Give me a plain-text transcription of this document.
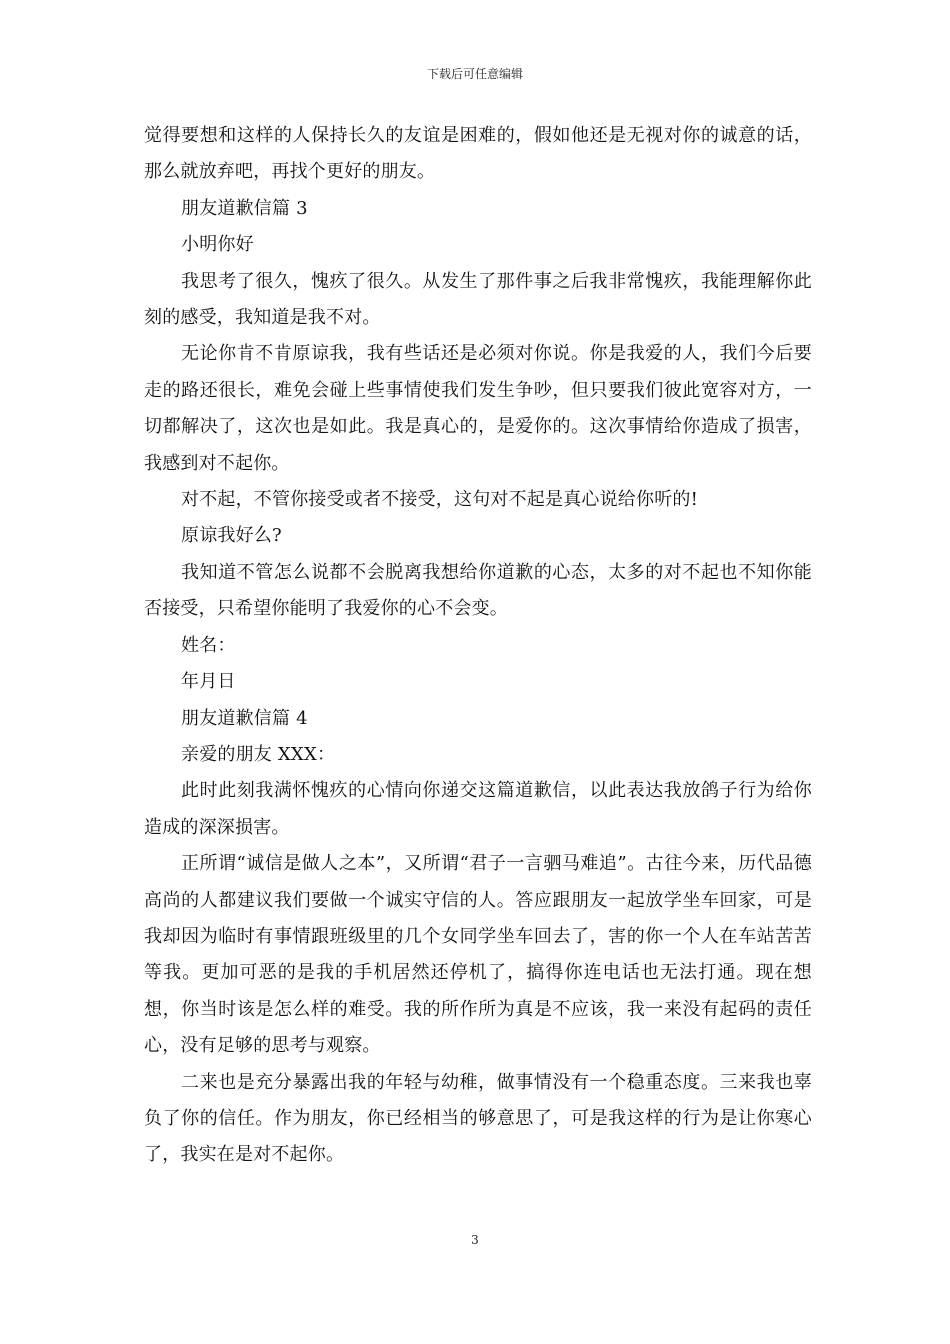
下载后可任意编辑

觉得要想和这样的人保持长久的友谊是困难的，假如他还是无视对你的诚意的话，那么就放弃吧，再找个更好的朋友。

朋友道歉信篇 3

小明你好

我思考了很久，愧疚了很久。从发生了那件事之后我非常愧疚，我能理解你此刻的感受，我知道是我不对。

无论你肯不肯原谅我，我有些话还是必须对你说。你是我爱的人，我们今后要走的路还很长，难免会碰上些事情使我们发生争吵，但只要我们彼此宽容对方，一切都解决了，这次也是如此。我是真心的，是爱你的。这次事情给你造成了损害，我感到对不起你。

对不起，不管你接受或者不接受，这句对不起是真心说给你听的!

原谅我好么?

我知道不管怎么说都不会脱离我想给你道歉的心态，太多的对不起也不知你能否接受，只希望你能明了我爱你的心不会变。

姓名：

年月日

朋友道歉信篇 4

亲爱的朋友 XXX：

此时此刻我满怀愧疚的心情向你递交这篇道歉信，以此表达我放鸽子行为给你造成的深深损害。

正所谓“诚信是做人之本”，又所谓“君子一言驷马难追”。古往今来，历代品德高尚的人都建议我们要做一个诚实守信的人。答应跟朋友一起放学坐车回家，可是我却因为临时有事情跟班级里的几个女同学坐车回去了，害的你一个人在车站苦苦等我。更加可恶的是我的手机居然还停机了，搞得你连电话也无法打通。现在想想，你当时该是怎么样的难受。我的所作所为真是不应该，我一来没有起码的责任心，没有足够的思考与观察。

二来也是充分暴露出我的年轻与幼稚，做事情没有一个稳重态度。三来我也辜负了你的信任。作为朋友，你已经相当的够意思了，可是我这样的行为是让你寒心了，我实在是对不起你。

3
